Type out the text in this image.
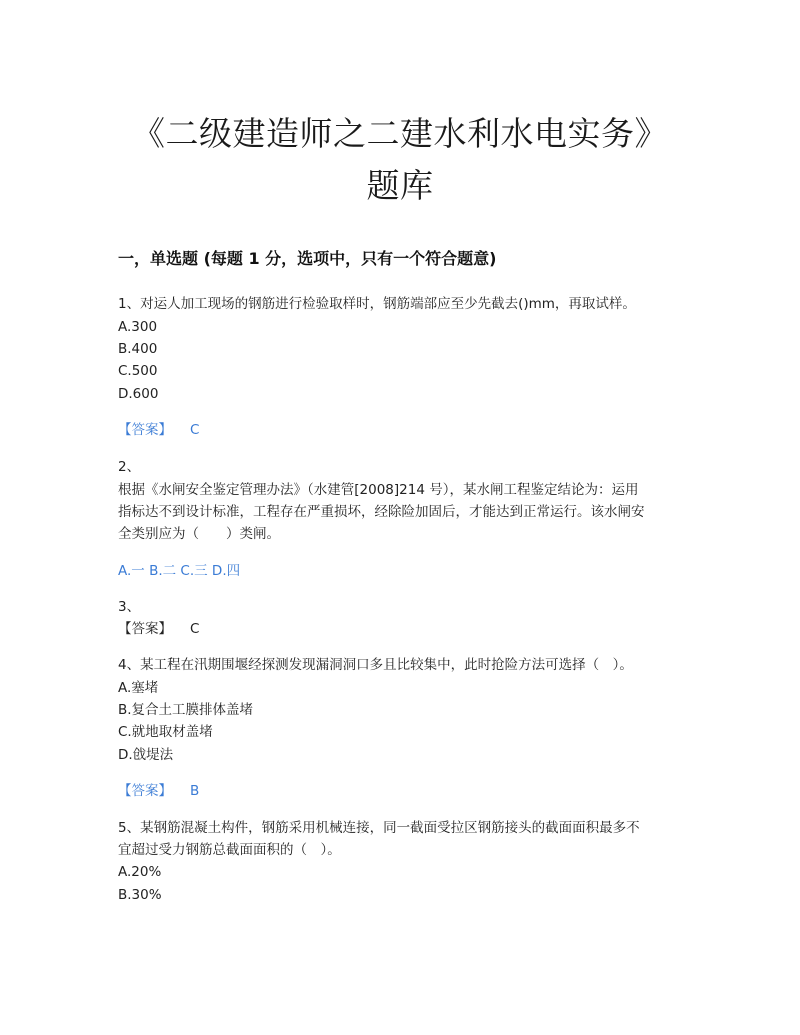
《二级建造师之二建水利水电实务》
题库
一，单选题 (每题 1 分，选项中，只有一个符合题意)
1、对运人加工现场的钢筋进行检验取样时，钢筋端部应至少先截去()mm，再取试样。
A.300
B.400
C.500
D.600
【答案】 C
2、
根据《水闸安全鉴定管理办法》（水建管[2008]214 号），某水闸工程鉴定结论为：运用
指标达不到设计标准，工程存在严重损坏，经除险加固后，才能达到正常运行。该水闸安
全类别应为（　　）类闸。
A.一 B.二 C.三 D.四
3、
【答案】 C
4、某工程在汛期围堰经探测发现漏洞洞口多且比较集中，此时抢险方法可选择（　）。
A.塞堵
B.复合土工膜排体盖堵
C.就地取材盖堵
D.戗堤法
【答案】 B
5、某钢筋混凝土构件，钢筋采用机械连接，同一截面受拉区钢筋接头的截面面积最多不
宜超过受力钢筋总截面面积的（　）。
A.20%
B.30%
